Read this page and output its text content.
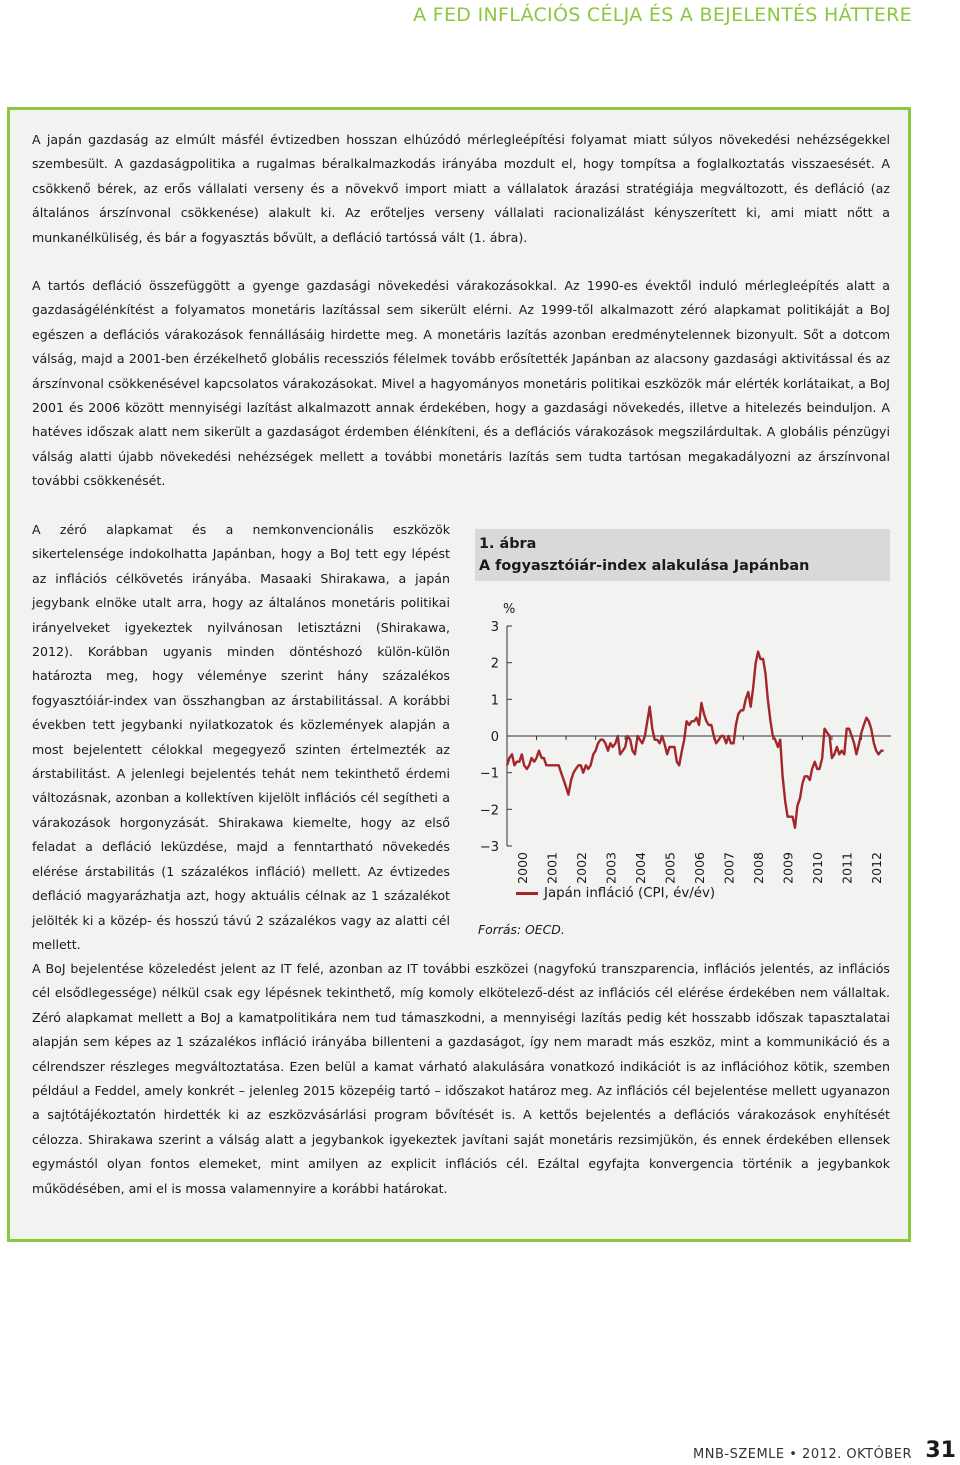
A FED INFLÁCIÓS CÉLJA ÉS A BEJELENTÉS HÁTTERE

A japán gazdaság az elmúlt másfél évtizedben hosszan elhúzódó mérlegleépítési folyamat miatt súlyos növekedési nehézségekkel szembesült. A gazdaságpolitika a rugalmas béralkalmazkodás irányába mozdult el, hogy tompítsa a foglalkoztatás visszaesését. A csökkenő bérek, az erős vállalati verseny és a növekvő import miatt a vállalatok árazási stratégiája megváltozott, és defláció (az általános árszínvonal csökkenése) alakult ki. Az erőteljes verseny vállalati racionalizálást kényszerített ki, ami miatt nőtt a munkanélküliség, és bár a fogyasztás bővült, a defláció tartóssá vált (1. ábra).

A tartós defláció összefüggött a gyenge gazdasági növekedési várakozásokkal. Az 1990-es évektől induló mérlegleépítés alatt a gazdaságélénkítést a folyamatos monetáris lazítással sem sikerült elérni. Az 1999-től alkalmazott zéró alapkamat politikáját a BoJ egészen a deflációs várakozások fennállásáig hirdette meg. A monetáris lazítás azonban eredménytelennek bizonyult. Sőt a dotcom válság, majd a 2001-ben érzékelhető globális recessziós félelmek tovább erősítették Japánban az alacsony gazdasági aktivitással és az árszínvonal csökkenésével kapcsolatos várakozásokat. Mivel a hagyományos monetáris politikai eszközök már elérték korlátaikat, a BoJ 2001 és 2006 között mennyiségi lazítást alkalmazott annak érdekében, hogy a gazdasági növekedés, illetve a hitelezés beinduljon. A hatéves időszak alatt nem sikerült a gazdaságot érdemben élénkíteni, és a deflációs várakozások megszilárdultak. A globális pénzügyi válság alatti újabb növekedési nehézségek mellett a további monetáris lazítás sem tudta tartósan megakadályozni az árszínvonal további csökkenését.

A zéró alapkamat és a nemkonvencionális eszközök sikertelensége indokolhatta Japánban, hogy a BoJ tett egy lépést az inflációs célkövetés irányába. Masaaki Shirakawa, a japán jegybank elnöke utalt arra, hogy az általános monetáris politikai irányelveket igyekeztek nyilvánosan letisztázni (Shirakawa, 2012). Korábban ugyanis minden döntéshozó külön-külön határozta meg, hogy véleménye szerint hány százalékos fogyasztóiár-index van összhangban az árstabilitással. A korábbi években tett jegybanki nyilatkozatok és közlemények alapján a most bejelentett célokkal megegyező szinten értelmezték az árstabilitást. A jelenlegi bejelentés tehát nem tekinthető érdemi változásnak, azonban a kollektíven kijelölt inflációs cél segítheti a várakozások horgonyzását. Shirakawa kiemelte, hogy az első feladat a defláció leküzdése, majd a fenntartható növekedés elérése árstabilitás (1 százalékos infláció) mellett. Az évtizedes defláció magyarázhatja azt, hogy aktuális célnak az 1 százalékot jelölték ki a közép- és hosszú távú 2 százalékos vagy az alatti cél mellett.

1. ábra
A fogyasztóiár-index alakulása Japánban
−3
−2
−1
0
1
2
3
%
2000 2001 2002 2003 2004 2005 2006 2007 2008 2009 2010 2011 2012
Japán infláció (CPI, év/év)
Forrás: OECD.

A BoJ bejelentése közeledést jelent az IT felé, azonban az IT további eszközei (nagyfokú transzparencia, inflációs jelentés, az inflációs cél elsődlegessége) nélkül csak egy lépésnek tekinthető, míg komoly elkötelező-dést az inflációs cél elérése érdekében nem vállaltak. Zéró alapkamat mellett a BoJ a kamatpolitikára nem tud támaszkodni, a mennyiségi lazítás pedig két hosszabb időszak tapasztalatai alapján sem képes az 1 százalékos infláció irányába billenteni a gazdaságot, így nem maradt más eszköz, mint a kommunikáció és a célrendszer részleges megváltoztatása. Ezen belül a kamat várható alakulására vonatkozó indikációt is az inflációhoz kötik, szemben például a Feddel, amely konkrét – jelenleg 2015 közepéig tartó – időszakot határoz meg. Az inflációs cél bejelentése mellett ugyanazon a sajtótájékoztatón hirdették ki az eszközvásárlási program bővítését is. A kettős bejelentés a deflációs várakozások enyhítését célozza. Shirakawa szerint a válság alatt a jegybankok igyekeztek javítani saját monetáris rezsimjükön, és ennek érdekében ellensek egymástól olyan fontos elemeket, mint amilyen az explicit inflációs cél. Ezáltal egyfajta konvergencia történik a jegybankok működésében, ami el is mossa valamennyire a korábbi határokat.

MNB-SZEMLE • 2012. OKTÓBER 31
